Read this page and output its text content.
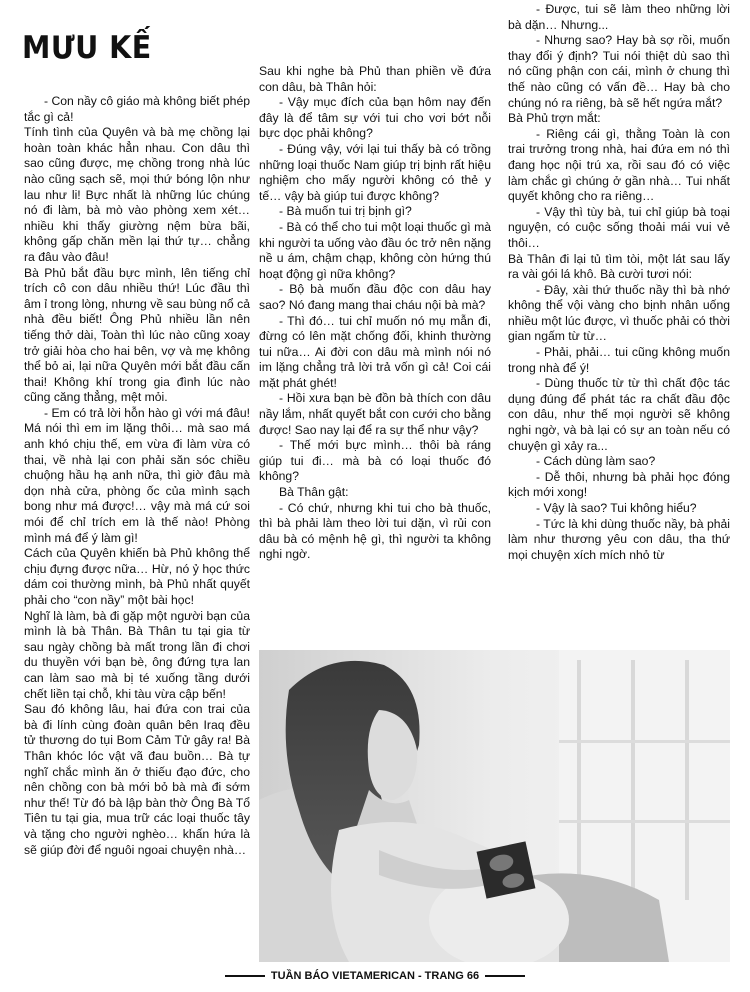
MƯU KẾ

- Con nầy cô giáo mà không biết phép tắc gì cả!

Tính tình của Quyên và bà mẹ chồng lại hoàn toàn khác hẳn nhau. Con dâu thì sao cũng được, mẹ chồng trong nhà lúc nào cũng sạch sẽ, mọi thứ bóng lộn như lau như li! Bực nhất là những lúc chúng nó đi làm, bà mò vào phòng xem xét… nhiều khi thấy giường nệm bừa bãi, không gấp chăn mền lại thứ tự… chẳng ra đâu vào đâu!

Bà Phủ bắt đầu bực mình, lên tiếng chỉ trích cô con dâu nhiều thứ! Lúc đầu thì âm ỉ trong lòng, nhưng về sau bùng nổ cả nhà đều biết! Ông Phủ nhiều lần nên tiếng thở dài, Toàn thì lúc nào cũng xoay trở giải hòa cho hai bên, vợ và mẹ không thể bỏ ai, lại nữa Quyên mới bắt đầu cấn thai! Không khí trong gia đình lúc nào cũng căng thẳng, mệt mỏi.

- Em có trả lời hỗn hào gì với má đâu! Má nói thì em im lặng thôi… mà sao má anh khó chịu thế, em vừa đi làm vừa có thai, về nhà lại con phải săn sóc chiều chuộng hầu hạ anh nữa, thì giờ đâu mà dọn nhà cửa, phòng ốc của mình sạch bong như má được!… vậy mà má cứ soi mói để chỉ trích em là thế nào! Phòng mình má để ý làm gì!

Cách của Quyên khiến bà Phủ không thể chịu đựng được nữa… Hừ, nó ỷ học thức dám coi thường mình, bà Phủ nhất quyết phải cho “con nầy” một bài học!

Nghĩ là làm, bà đi gặp một người bạn của mình là bà Thân. Bà Thân tu tại gia từ sau ngày chồng bà mất trong lần đi chơi du thuyền với bạn bè, ông đứng tựa lan can làm sao mà bị té xuống tầng dưới chết liền tại chỗ, khi tàu vừa cập bến!

Sau đó không lâu, hai đứa con trai của bà đi lính cùng đoàn quân bên Iraq đều tử thương do tụi Bom Cảm Tử gây ra! Bà Thân khóc lóc vật vã đau buồn… Bà tự nghĩ chắc mình ăn ở thiếu đạo đức, cho nên chồng con bà mới bỏ bà mà đi sớm như thế! Từ đó bà lập bàn thờ Ông Bà Tổ Tiên tu tại gia, mua trữ các loại thuốc tây và tặng cho người nghèo… khấn hứa là sẽ giúp đời để nguôi ngoai chuyện nhà…

Sau khi nghe bà Phủ than phiền về đứa con dâu, bà Thân hỏi:

- Vậy mục đích của bạn hôm nay đến đây là để tâm sự với tui cho vơi bớt nỗi bực dọc phải không?

- Đúng vậy, với lại tui thấy bà có trồng những loại thuốc Nam giúp trị bịnh rất hiệu nghiệm cho mấy người không có thẻ y tế… vậy bà giúp tui được không?

- Bà muốn tui trị bịnh gì?

- Bà có thể cho tui một loại thuốc gì mà khi người ta uống vào đầu óc trở nên nặng nề u ám, chậm chạp, không còn hứng thú hoạt động gì nữa không?

- Bộ bà muốn đầu độc con dâu hay sao? Nó đang mang thai cháu nội bà mà?

- Thì đó… tui chỉ muốn nó mụ mẫn đi, đừng có lên mặt chống đối, khinh thường tui nữa… Ai đời con dâu mà mình nói nó im lặng chẳng trả lời trả vốn gì cả! Coi cái mặt phát ghét!

- Hồi xưa bạn bè đồn bà thích con dâu nầy lắm, nhất quyết bắt con cưới cho bằng được! Sao nay lại để ra sự thể như vậy?

- Thế mới bực mình… thôi bà ráng giúp tui đi… mà bà có loại thuốc đó không?

Bà Thân gật:

- Có chứ, nhưng khi tui cho bà thuốc, thì bà phải làm theo lời tui dặn, vì rủi con dâu bà có mệnh hệ gì, thì người ta không nghi ngờ.

- Được, tui sẽ làm theo những lời bà dặn… Nhưng...

- Nhưng sao? Hay bà sợ rồi, muốn thay đổi ý định? Tui nói thiệt dù sao thì nó cũng phận con cái, mình ở chung thì thế nào cũng có vấn đề… Hay bà cho chúng nó ra riêng, bà sẽ hết ngứa mắt?

Bà Phủ trợn mắt:

- Riêng cái gì, thằng Toàn là con trai trưởng trong nhà, hai đứa em nó thì đang học nội trú xa, rồi sau đó có việc làm chắc gì chúng ở gần nhà… Tui nhất quyết không cho ra riêng…

- Vậy thì tùy bà, tui chỉ giúp bà toại nguyện, có cuộc sống thoải mái vui vẻ thôi…

Bà Thân đi lại tủ tìm tòi, một lát sau lấy ra vài gói lá khô. Bà cười tươi nói:

- Đây, xài thứ thuốc nầy thì bà nhớ không thể vội vàng cho bịnh nhân uống nhiều một lúc được, vì thuốc phải có thời gian ngấm từ từ…

- Phải, phải… tui cũng không muốn trong nhà để ý!

- Dùng thuốc từ từ thì chất độc tác dụng đúng để phát tác ra chất đầu độc con dâu, như thế mọi người sẽ không nghi ngờ, và bà lại có sự an toàn nếu có chuyện gì xảy ra...

- Cách dùng làm sao?

- Dễ thôi, nhưng bà phải học đóng kịch mới xong!

- Vậy là sao? Tui không hiểu?

- Tức là khi dùng thuốc nầy, bà phải làm như thương yêu con dâu, tha thứ mọi chuyện xích mích nhỏ từ

TUẦN BÁO VIETAMERICAN - TRANG 66
